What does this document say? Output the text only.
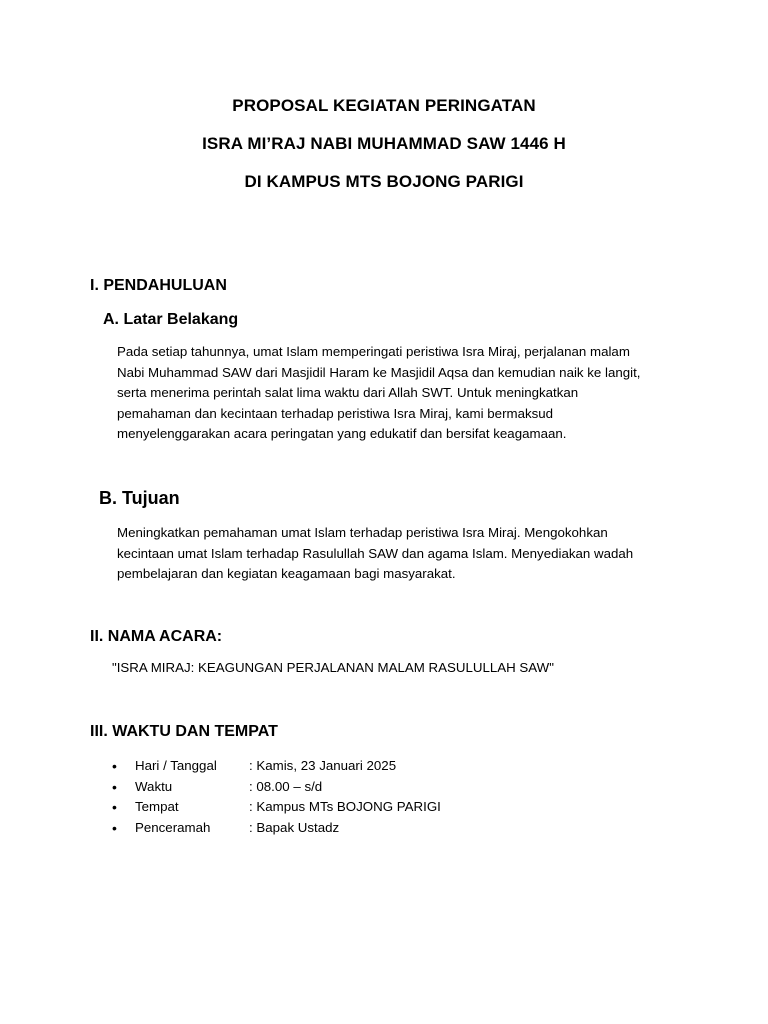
PROPOSAL KEGIATAN PERINGATAN
ISRA MI’RAJ NABI MUHAMMAD SAW 1446 H
DI KAMPUS MTS BOJONG PARIGI
I. PENDAHULUAN
A. Latar Belakang
Pada setiap tahunnya, umat Islam memperingati peristiwa Isra Miraj, perjalanan malam
Nabi Muhammad SAW dari Masjidil Haram ke Masjidil Aqsa dan kemudian naik ke langit,
serta menerima perintah salat lima waktu dari Allah SWT. Untuk meningkatkan
pemahaman dan kecintaan terhadap peristiwa Isra Miraj, kami bermaksud
menyelenggarakan acara peringatan yang edukatif dan bersifat keagamaan.
B. Tujuan
Meningkatkan pemahaman umat Islam terhadap peristiwa Isra Miraj. Mengokohkan
kecintaan umat Islam terhadap Rasulullah SAW dan agama Islam. Menyediakan wadah
pembelajaran dan kegiatan keagamaan bagi masyarakat.
II. NAMA ACARA:
"ISRA MIRAJ: KEAGUNGAN PERJALANAN MALAM RASULULLAH SAW"
III. WAKTU DAN TEMPAT
• Hari / Tanggal : Kamis, 23 Januari 2025
• Waktu	: 08.00 – s/d
• Tempat	: Kampus MTs BOJONG PARIGI
• Penceramah	: Bapak Ustadz
